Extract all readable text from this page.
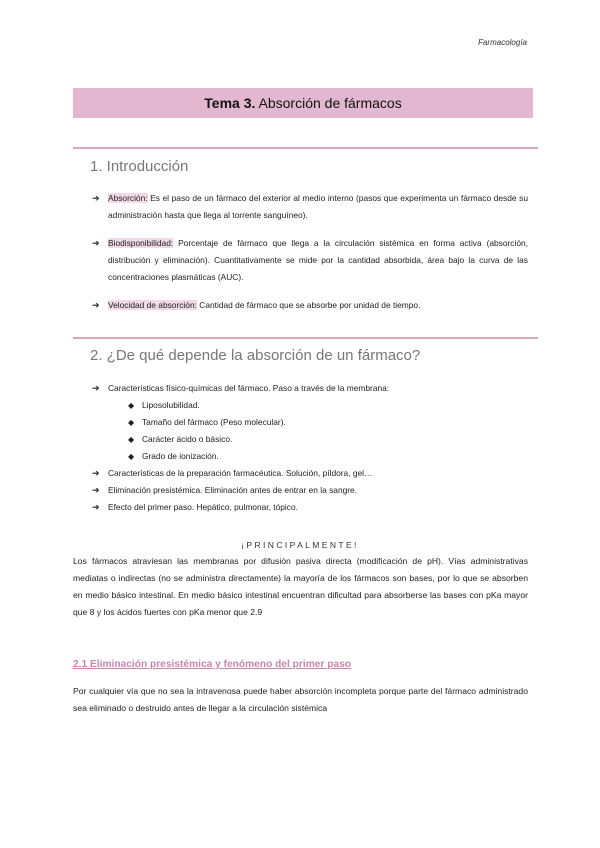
Farmacología
Tema 3. Absorción de fármacos
1. Introducción
➔	Absorción: Es el paso de un fármaco del exterior al medio interno (pasos que experimenta un fármaco desde su administración hasta que llega al torrente sanguíneo).
➔	Biodisponibilidad: Porcentaje de fármaco que llega a la circulación sistémica en forma activa (absorción, distribución y eliminación). Cuantitativamente se mide por la cantidad absorbida, área bajo la curva de las concentraciones plasmáticas (AUC).
➔	Velocidad de absorción: Cantidad de fármaco que se absorbe por unidad de tiempo.
2. ¿De qué depende la absorción de un fármaco?
➔	Características físico-químicas del fármaco. Paso a través de la membrana:
◆ Liposolubilidad.
◆ Tamaño del fármaco (Peso molecular).
◆ Carácter ácido o básico.
◆ Grado de ionización.
➔	Características de la preparación farmacéutica. Solución, píldora, gel…
➔	Eliminación presistémica. Eliminación antes de entrar en la sangre.
➔	Efecto del primer paso. Hepático, pulmonar, tópico.
¡PRINCIPALMENTE!
Los fármacos atraviesan las membranas por difusión pasiva directa (modificación de pH). Vías administrativas mediatas o indirectas (no se administra directamente) la mayoría de los fármacos son bases, por lo que se absorben en medio básico intestinal. En medio básico intestinal encuentran dificultad para absorberse las bases con pKa mayor que 8 y los ácidos fuertes con pKa menor que 2.9
2.1 Eliminación presistémica y fenómeno del primer paso
Por cualquier vía que no sea la intravenosa puede haber absorción incompleta porque parte del fármaco administrado sea eliminado o destruido antes de llegar a la circulación sistémica
